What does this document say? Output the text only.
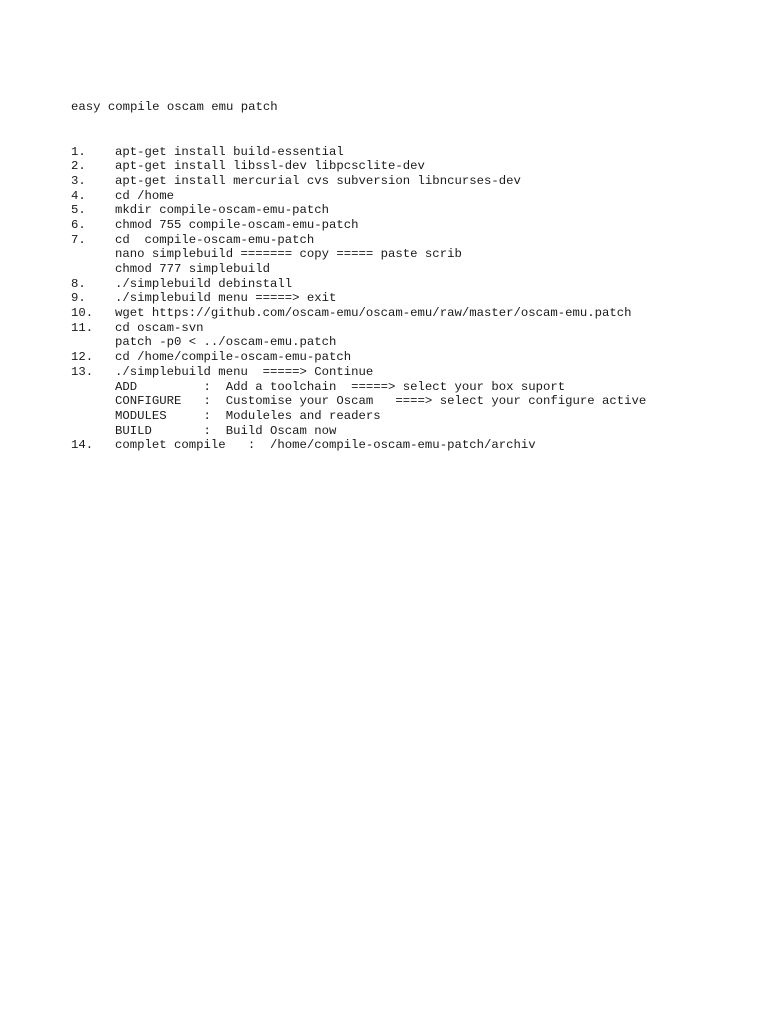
easy compile oscam emu patch

1. apt-get install build-essential
2. apt-get install libssl-dev libpcsclite-dev
3. apt-get install mercurial cvs subversion libncurses-dev
4. cd /home
5. mkdir compile-oscam-emu-patch
6. chmod 755 compile-oscam-emu-patch
7. cd  compile-oscam-emu-patch
nano simplebuild ======= copy ===== paste scrib
chmod 777 simplebuild
8. ./simplebuild debinstall
9. ./simplebuild menu =====> exit
10. wget https://github.com/oscam-emu/oscam-emu/raw/master/oscam-emu.patch
11. cd oscam-svn
patch -p0 < ../oscam-emu.patch
12. cd /home/compile-oscam-emu-patch
13. ./simplebuild menu  =====> Continue
ADD         :  Add a toolchain  =====> select your box suport
CONFIGURE   :  Customise your Oscam   ====> select your configure active
MODULES     :  Moduleles and readers
BUILD       :  Build Oscam now
14. complet compile   :  /home/compile-oscam-emu-patch/archiv
